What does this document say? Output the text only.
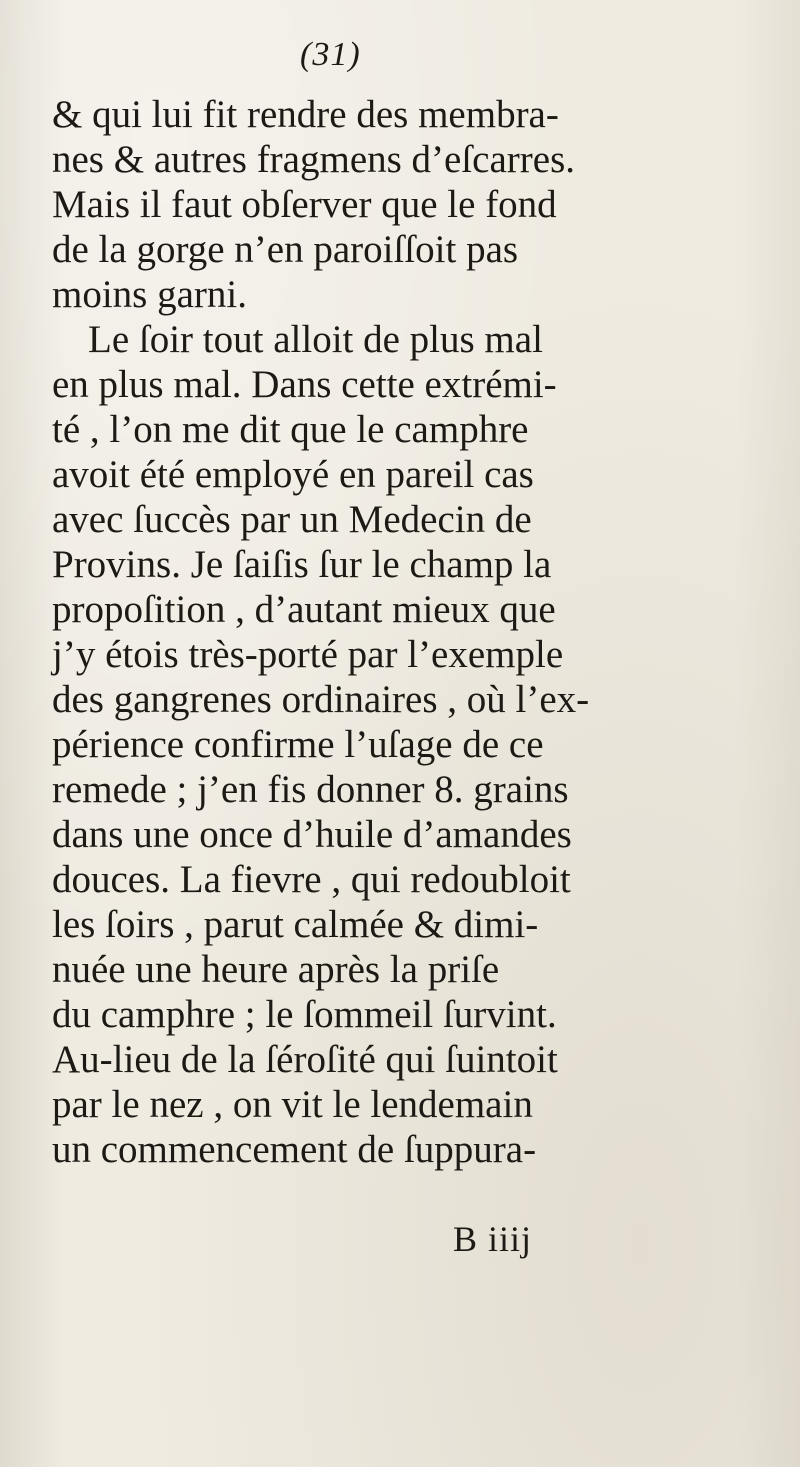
(31)
& qui lui fit rendre des membra-
nes & autres fragmens d’eſcarres.
Mais il faut obſerver que le fond
de la gorge n’en paroiſſoit pas
moins garni.
Le ſoir tout alloit de plus mal
en plus mal. Dans cette extrémi-
té , l’on me dit que le camphre
avoit été employé en pareil cas
avec ſuccès par un Medecin de
Provins. Je ſaiſis ſur le champ la
propoſition , d’autant mieux que
j’y étois très-porté par l’exemple
des gangrenes ordinaires , où l’ex-
périence confirme l’uſage de ce
remede ; j’en fis donner 8. grains
dans une once d’huile d’amandes
douces. La fievre , qui redoubloit
les ſoirs , parut calmée & dimi-
nuée une heure après la priſe
du camphre ; le ſommeil ſurvint.
Au-lieu de la ſéroſité qui ſuintoit
par le nez , on vit le lendemain
un commencement de ſuppura-
B iiij
